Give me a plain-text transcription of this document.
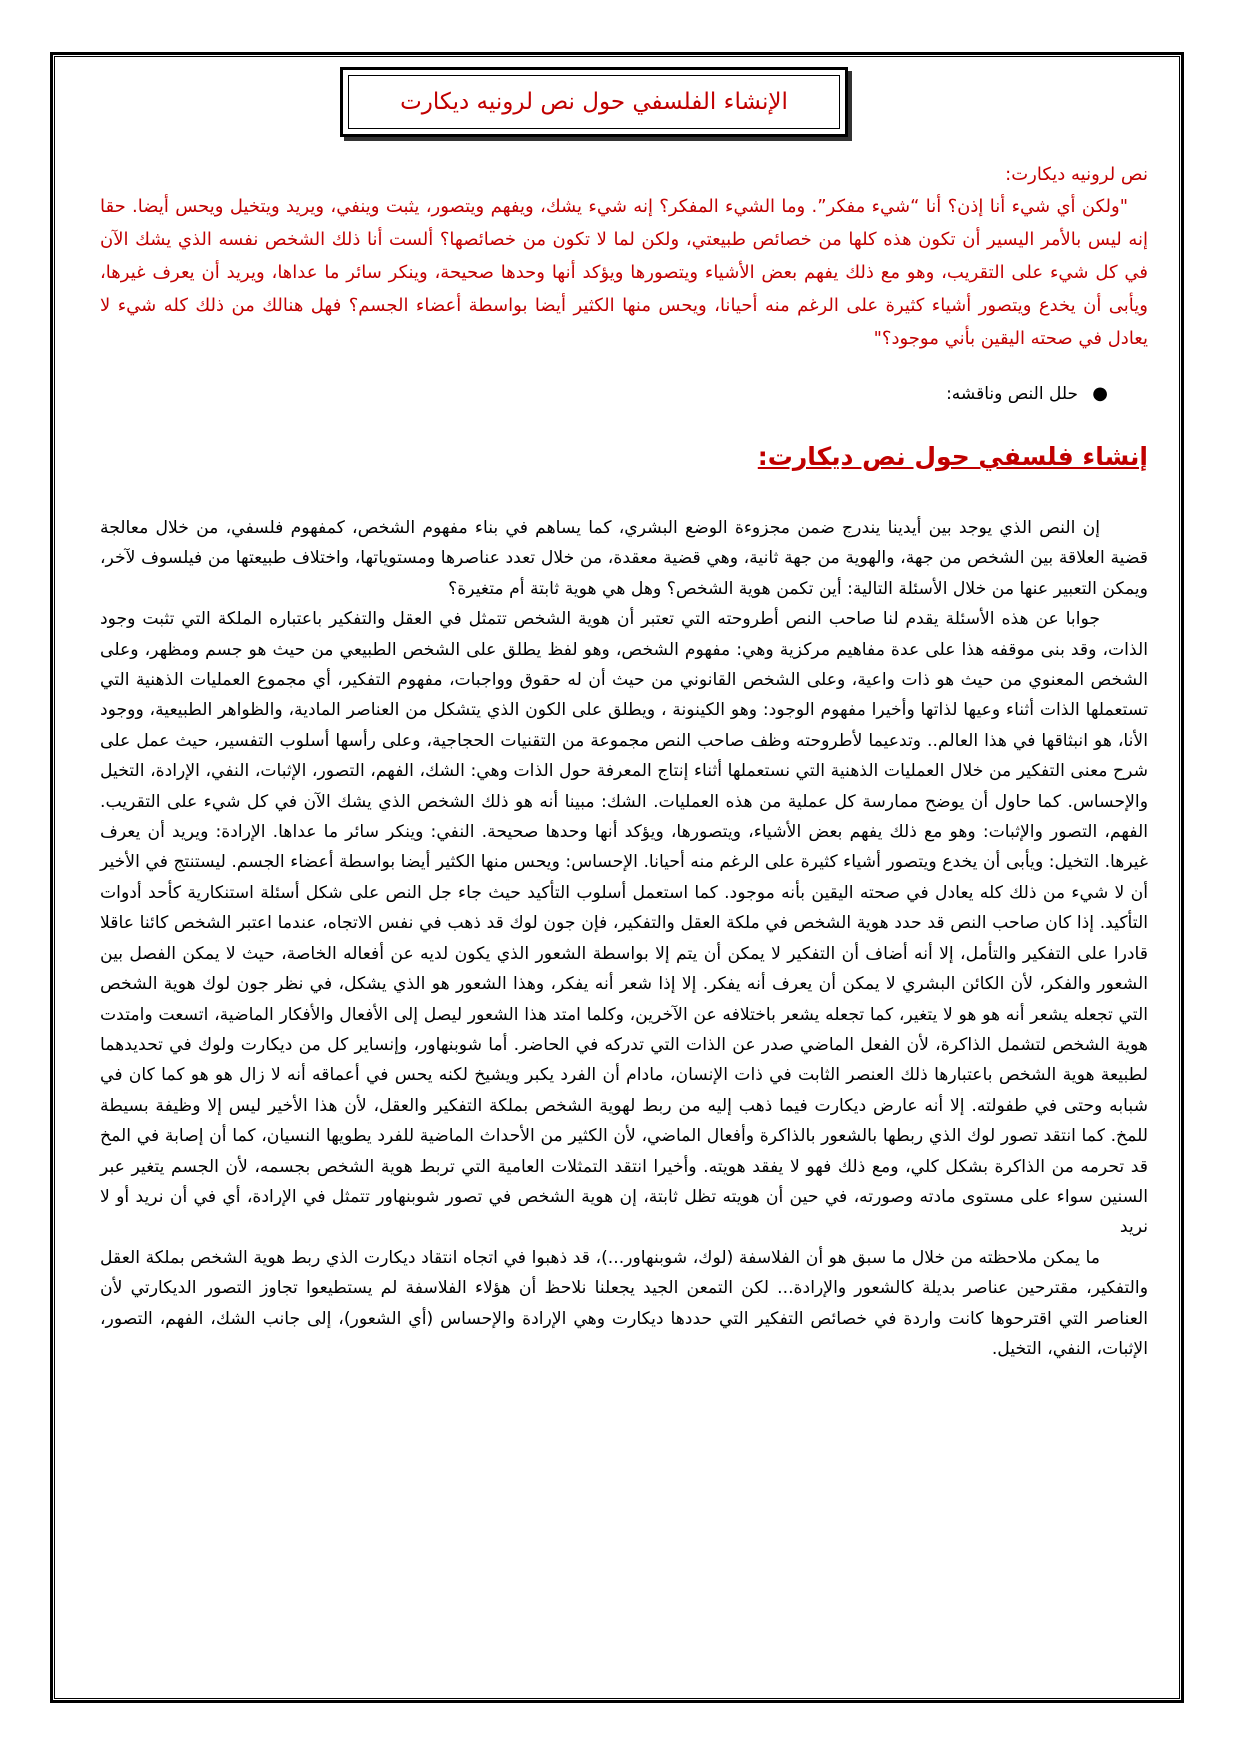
الإنشاء الفلسفي حول نص لرونيه ديكارت

نص لرونيه ديكارت:

"ولكن أي شيء أنا إذن؟ أنا “شيء مفكر”. وما الشيء المفكر؟ إنه شيء يشك، ويفهم ويتصور، يثبت وينفي، ويريد ويتخيل ويحس أيضا. حقا إنه ليس بالأمر اليسير أن تكون هذه كلها من خصائص طبيعتي، ولكن لما لا تكون من خصائصها؟ ألست أنا ذلك الشخص نفسه الذي يشك الآن في كل شيء على التقريب، وهو مع ذلك يفهم بعض الأشياء ويتصورها ويؤكد أنها وحدها صحيحة، وينكر سائر ما عداها، ويريد أن يعرف غيرها، ويأبى أن يخدع ويتصور أشياء كثيرة على الرغم منه أحيانا، ويحس منها الكثير أيضا بواسطة أعضاء الجسم؟ فهل هنالك من ذلك كله شيء لا يعادل في صحته اليقين بأني موجود؟"

●
حلل النص وناقشه:
إنشاء فلسفي حول نص ديكارت:

إن النص الذي يوجد بين أيدينا يندرج ضمن مجزوءة الوضع البشري، كما يساهم في بناء مفهوم الشخص، كمفهوم فلسفي، من خلال معالجة قضية العلاقة بين الشخص من جهة، والهوية من جهة ثانية، وهي قضية معقدة، من خلال تعدد عناصرها ومستوياتها، واختلاف طبيعتها من فيلسوف لآخر، ويمكن التعبير عنها من خلال الأسئلة التالية: أين تكمن هوية الشخص؟ وهل هي هوية ثابتة أم متغيرة؟

جوابا عن هذه الأسئلة يقدم لنا صاحب النص أطروحته التي تعتبر أن هوية الشخص تتمثل في العقل والتفكير باعتباره الملكة التي تثبت وجود الذات، وقد بنى موقفه هذا على عدة مفاهيم مركزية وهي: مفهوم الشخص، وهو لفظ يطلق على الشخص الطبيعي من حيث هو جسم ومظهر، وعلى الشخص المعنوي من حيث هو ذات واعية، وعلى الشخص القانوني من حيث أن له حقوق وواجبات، مفهوم التفكير، أي مجموع العمليات الذهنية التي تستعملها الذات أثناء وعيها لذاتها وأخيرا مفهوم الوجود: وهو الكينونة ، ويطلق على الكون الذي يتشكل من العناصر المادية، والظواهر الطبيعية، ووجود الأنا، هو انبثاقها في هذا العالم.. وتدعيما لأطروحته وظف صاحب النص مجموعة من التقنيات الحجاجية، وعلى رأسها أسلوب التفسير، حيث عمل على شرح معنى التفكير من خلال العمليات الذهنية التي نستعملها أثناء إنتاج المعرفة حول الذات وهي: الشك، الفهم، التصور، الإثبات، النفي، الإرادة، التخيل والإحساس. كما حاول أن يوضح ممارسة كل عملية من هذه العمليات. الشك: مبينا أنه هو ذلك الشخص الذي يشك الآن في كل شيء على التقريب. الفهم، التصور والإثبات: وهو مع ذلك يفهم بعض الأشياء، ويتصورها، ويؤكد أنها وحدها صحيحة. النفي: وينكر سائر ما عداها. الإرادة: ويريد أن يعرف غيرها. التخيل: ويأبى أن يخدع ويتصور أشياء كثيرة على الرغم منه أحيانا. الإحساس: ويحس منها الكثير أيضا بواسطة أعضاء الجسم. ليستنتج في الأخير أن لا شيء من ذلك كله يعادل في صحته اليقين بأنه موجود. كما استعمل أسلوب التأكيد حيث جاء جل النص على شكل أسئلة استنكارية كأحد أدوات التأكيد. إذا كان صاحب النص قد حدد هوية الشخص في ملكة العقل والتفكير، فإن جون لوك قد ذهب في نفس الاتجاه، عندما اعتبر الشخص كائنا عاقلا قادرا على التفكير والتأمل، إلا أنه أضاف أن التفكير لا يمكن أن يتم إلا بواسطة الشعور الذي يكون لديه عن أفعاله الخاصة، حيث لا يمكن الفصل بين الشعور والفكر، لأن الكائن البشري لا يمكن أن يعرف أنه يفكر. إلا إذا شعر أنه يفكر، وهذا الشعور هو الذي يشكل، في نظر جون لوك هوية الشخص التي تجعله يشعر أنه هو هو لا يتغير، كما تجعله يشعر باختلافه عن الآخرين، وكلما امتد هذا الشعور ليصل إلى الأفعال والأفكار الماضية، اتسعت وامتدت هوية الشخص لتشمل الذاكرة، لأن الفعل الماضي صدر عن الذات التي تدركه في الحاضر. أما شوبنهاور، وإنساير كل من ديكارت ولوك في تحديدهما لطبيعة هوية الشخص باعتبارها ذلك العنصر الثابت في ذات الإنسان، مادام أن الفرد يكبر ويشيخ لكنه يحس في أعماقه أنه لا زال هو هو كما كان في شبابه وحتى في طفولته. إلا أنه عارض ديكارت فيما ذهب إليه من ربط لهوية الشخص بملكة التفكير والعقل، لأن هذا الأخير ليس إلا وظيفة بسيطة للمخ. كما انتقد تصور لوك الذي ربطها بالشعور بالذاكرة وأفعال الماضي، لأن الكثير من الأحداث الماضية للفرد يطويها النسيان، كما أن إصابة في المخ قد تحرمه من الذاكرة بشكل كلي، ومع ذلك فهو لا يفقد هويته. وأخيرا انتقد التمثلات العامية التي تربط هوية الشخص بجسمه، لأن الجسم يتغير عبر السنين سواء على مستوى مادته وصورته، في حين أن هويته تظل ثابتة، إن هوية الشخص في تصور شوبنهاور تتمثل في الإرادة، أي في أن نريد أو لا نريد

ما يمكن ملاحظته من خلال ما سبق هو أن الفلاسفة (لوك، شوبنهاور...)، قد ذهبوا في اتجاه انتقاد ديكارت الذي ربط هوية الشخص بملكة العقل والتفكير، مقترحين عناصر بديلة كالشعور والإرادة... لكن التمعن الجيد يجعلنا نلاحظ أن هؤلاء الفلاسفة لم يستطيعوا تجاوز التصور الديكارتي لأن العناصر التي اقترحوها كانت واردة في خصائص التفكير التي حددها ديكارت وهي الإرادة والإحساس (أي الشعور)، إلى جانب الشك، الفهم، التصور، الإثبات، النفي، التخيل.
